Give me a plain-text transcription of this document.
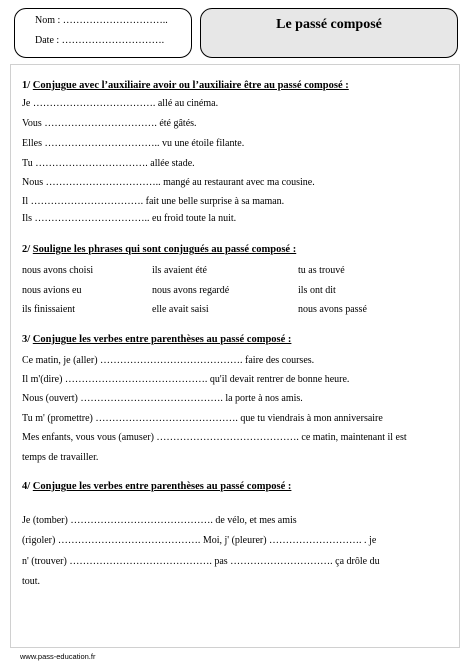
Nom : …………………………..
Date : ………………………….
Le passé composé
1/ Conjugue avec l’auxiliaire avoir ou l’auxiliaire être au passé composé :
Je ………………………………. allé au cinéma.
Vous ……………………………. été gâtés.
Elles …………………………….. vu une étoile filante.
Tu ……………………………. allée stade.
Nous …………………………….. mangé au restaurant avec ma cousine.
Il ……………………………. fait une belle surprise à sa maman.
Ils …………………………….. eu froid toute la nuit.
2/ Souligne les phrases qui sont conjugués au passé composé :
nous avons choisi	ils avaient été	tu as trouvé
nous avions eu	nous avons regardé	ils ont dit
ils finissaient	elle avait saisi	nous avons passé
3/ Conjugue les verbes entre parenthèses au passé composé :
Ce matin, je (aller) ……………………………………. faire des courses.
Il m'(dire) ……………………………………. qu'il devait rentrer de bonne heure.
Nous (ouvert) ……………………………………. la porte à nos amis.
Tu m' (promettre) ……………………………………. que tu viendrais à mon anniversaire
Mes enfants, vous vous (amuser) ……………………………………. ce matin, maintenant il est
temps de travailler.
4/ Conjugue les verbes entre parenthèses au passé composé :
Je (tomber) ……………………………………. de vélo, et mes amis
(rigoler) ……………………………………. Moi, j' (pleurer) ………………………. . je
n' (trouver) ……………………………………. pas …………………………. ça drôle du
tout.
www.pass-education.fr
